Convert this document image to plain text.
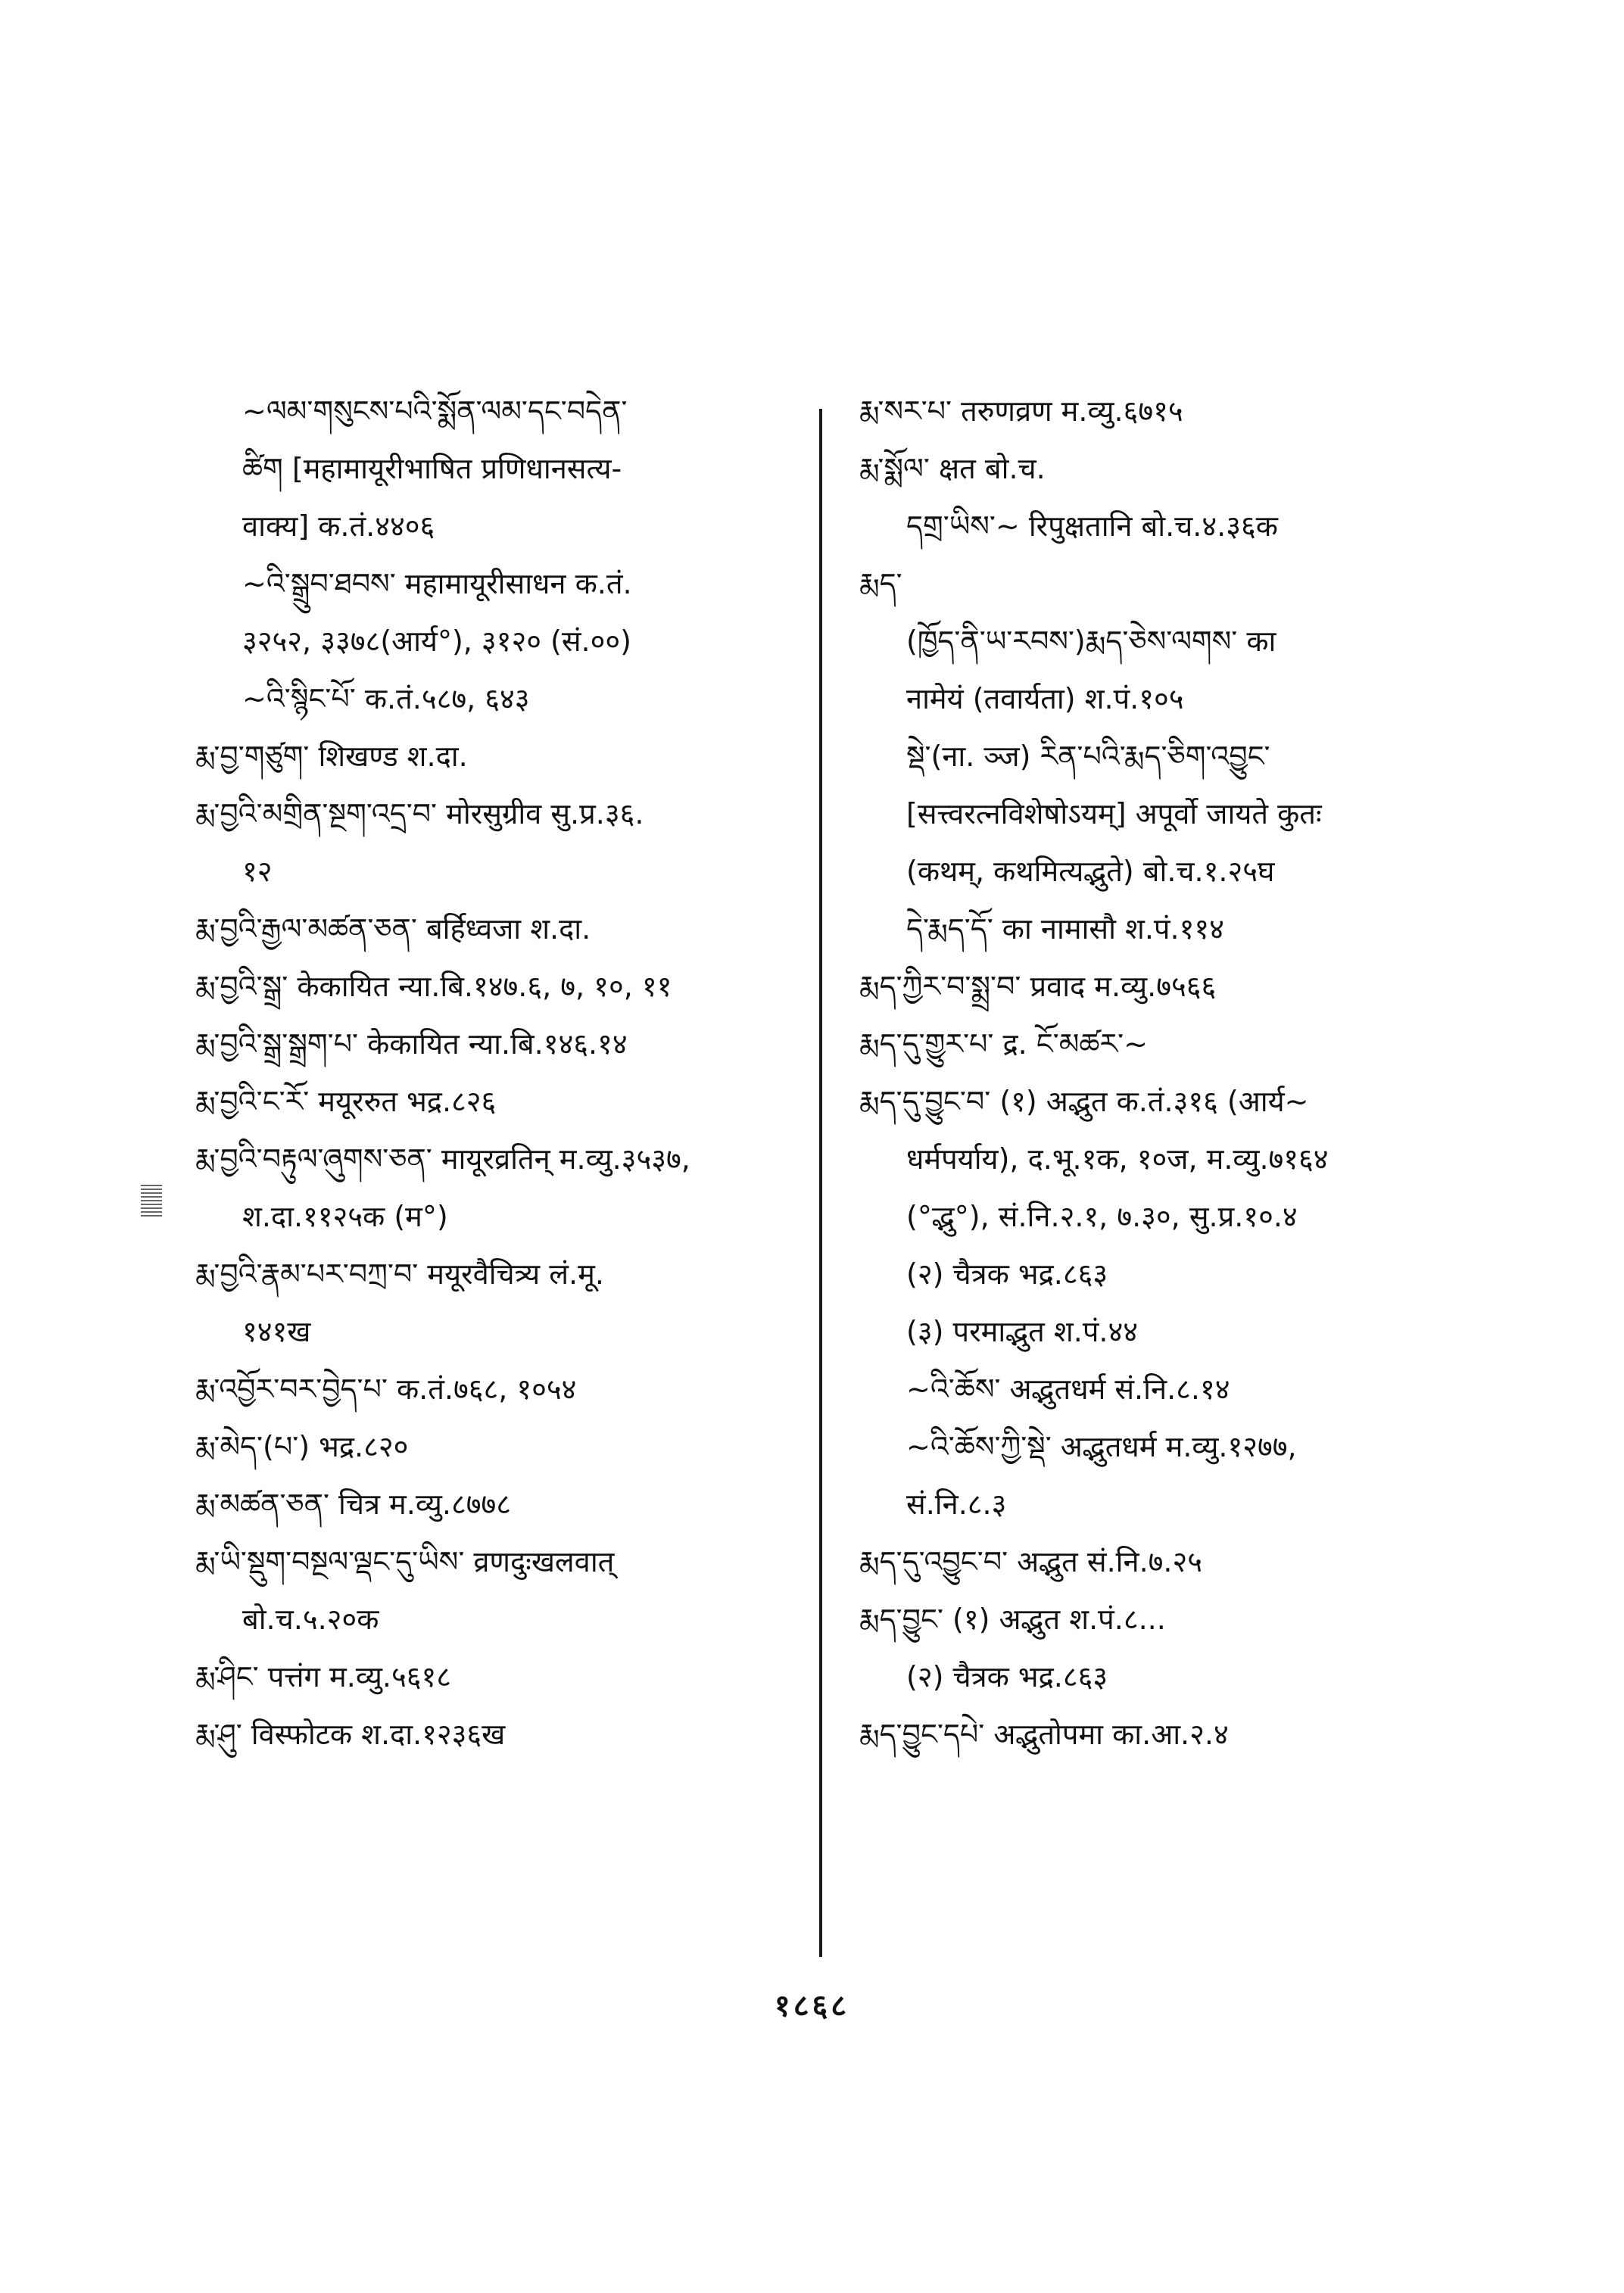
~ལམ་གསུངས་པའི་སྨོན་ལམ་དང་བདེན་
ཚིག [महामायूरीभाषित प्रणिधानसत्य-
वाक्य] क.तं.४४०६
~འི་སྒྲུབ་ཐབས་ महामायूरीसाधन क.तं.
३२५२, ३३७८(आर्य°), ३१२० (सं.००)
~འི་སྙིང་པོ་ क.तं.५८७, ६४३
རྨ་བྱ་གཙུག་ शिखण्ड श.दा.
རྨ་བྱའི་མགྲིན་སྔག་འདྲ་བ་ मोरसुग्रीव सु.प्र.३६.
१२
རྨ་བྱའི་རྒྱལ་མཚན་ཅན་ बर्हिध्वजा श.दा.
རྨ་བྱའི་སྒྲ་ केकायित न्या.बि.१४७.६, ७, १०, ११
རྨ་བྱའི་སྒྲ་སྒྲག་པ་ केकायित न्या.बि.१४६.१४
རྨ་བྱའི་ང་རོ་ मयूररुत भद्र.८२६
རྨ་བྱའི་བརྟུལ་ཞུགས་ཅན་ मायूरव्रतिन् म.व्यु.३५३७,
श.दा.११२५क (म°)
རྨ་བྱའི་རྣམ་པར་བཀྲ་བ་ मयूरवैचित्र्य लं.मू.
१४१ख
རྨ་འབྱོར་བར་བྱེད་པ་ क.तं.७६८, १०५४
རྨ་མེད་(པ་) भद्र.८२०
རྨ་མཚན་ཅན་ चित्र म.व्यु.८७७८
རྨ་ཡི་སྡུག་བསྔལ་ལྡང་དུ་ཡིས་ व्रणदुःखलवात्
बो.च.५.२०क
རྨ་ཤིང་ पत्तंग म.व्यु.५६१८
རྨ་ཤུ་ विस्फोटक श.दा.१२३६ख
རྨ་སར་པ་ तरुणव्रण म.व्यु.६७१५
རྨ་སྨོལ་ क्षत बो.च.
དགྲ་ཡིས་~ रिपुक्षतानि बो.च.४.३६क
རྨད་
(ཁྱོད་ནི་ཡ་རབས་)རྨད་ཅེས་ལགས་ का
नामेयं (तवार्यता) श.पं.१०५
སྡེ་(ना. ञ्ज) རིན་པའི་རྨད་ཅིག་འབྱུང་
[सत्त्वरत्नविशेषोऽयम्] अपूर्वो जायते कुतः
(कथम्, कथमित्यद्भुते) बो.च.१.२५घ
དེ་རྨད་དོ་ का नामासौ श.पं.११४
རྨད་ཀྱིར་བ་སྨྲ་བ་ प्रवाद म.व्यु.७५६६
རྨད་དུ་གྱུར་པ་ द्र. ངོ་མཚར་~
རྨད་དུ་བྱུང་བ་ (१) अद्भुत क.तं.३१६ (आर्य~
धर्मपर्याय), द.भू.१क, १०ज, म.व्यु.७१६४
(°द्भु°), सं.नि.२.१, ७.३०, सु.प्र.१०.४
(२) चैत्रक भद्र.८६३
(३) परमाद्भुत श.पं.४४
~འི་ཆོས་ अद्भुतधर्म सं.नि.८.१४
~འི་ཆོས་ཀྱི་སྡེ་ अद्भुतधर्म म.व्यु.१२७७,
सं.नि.८.३
རྨད་དུ་འབྱུང་བ་ अद्भुत सं.नि.७.२५
རྨད་བྱུང་ (१) अद्भुत श.पं.८...
(२) चैत्रक भद्र.८६३
རྨད་བྱུང་དཔེ་ अद्भुतोपमा का.आ.२.४
१८६८
